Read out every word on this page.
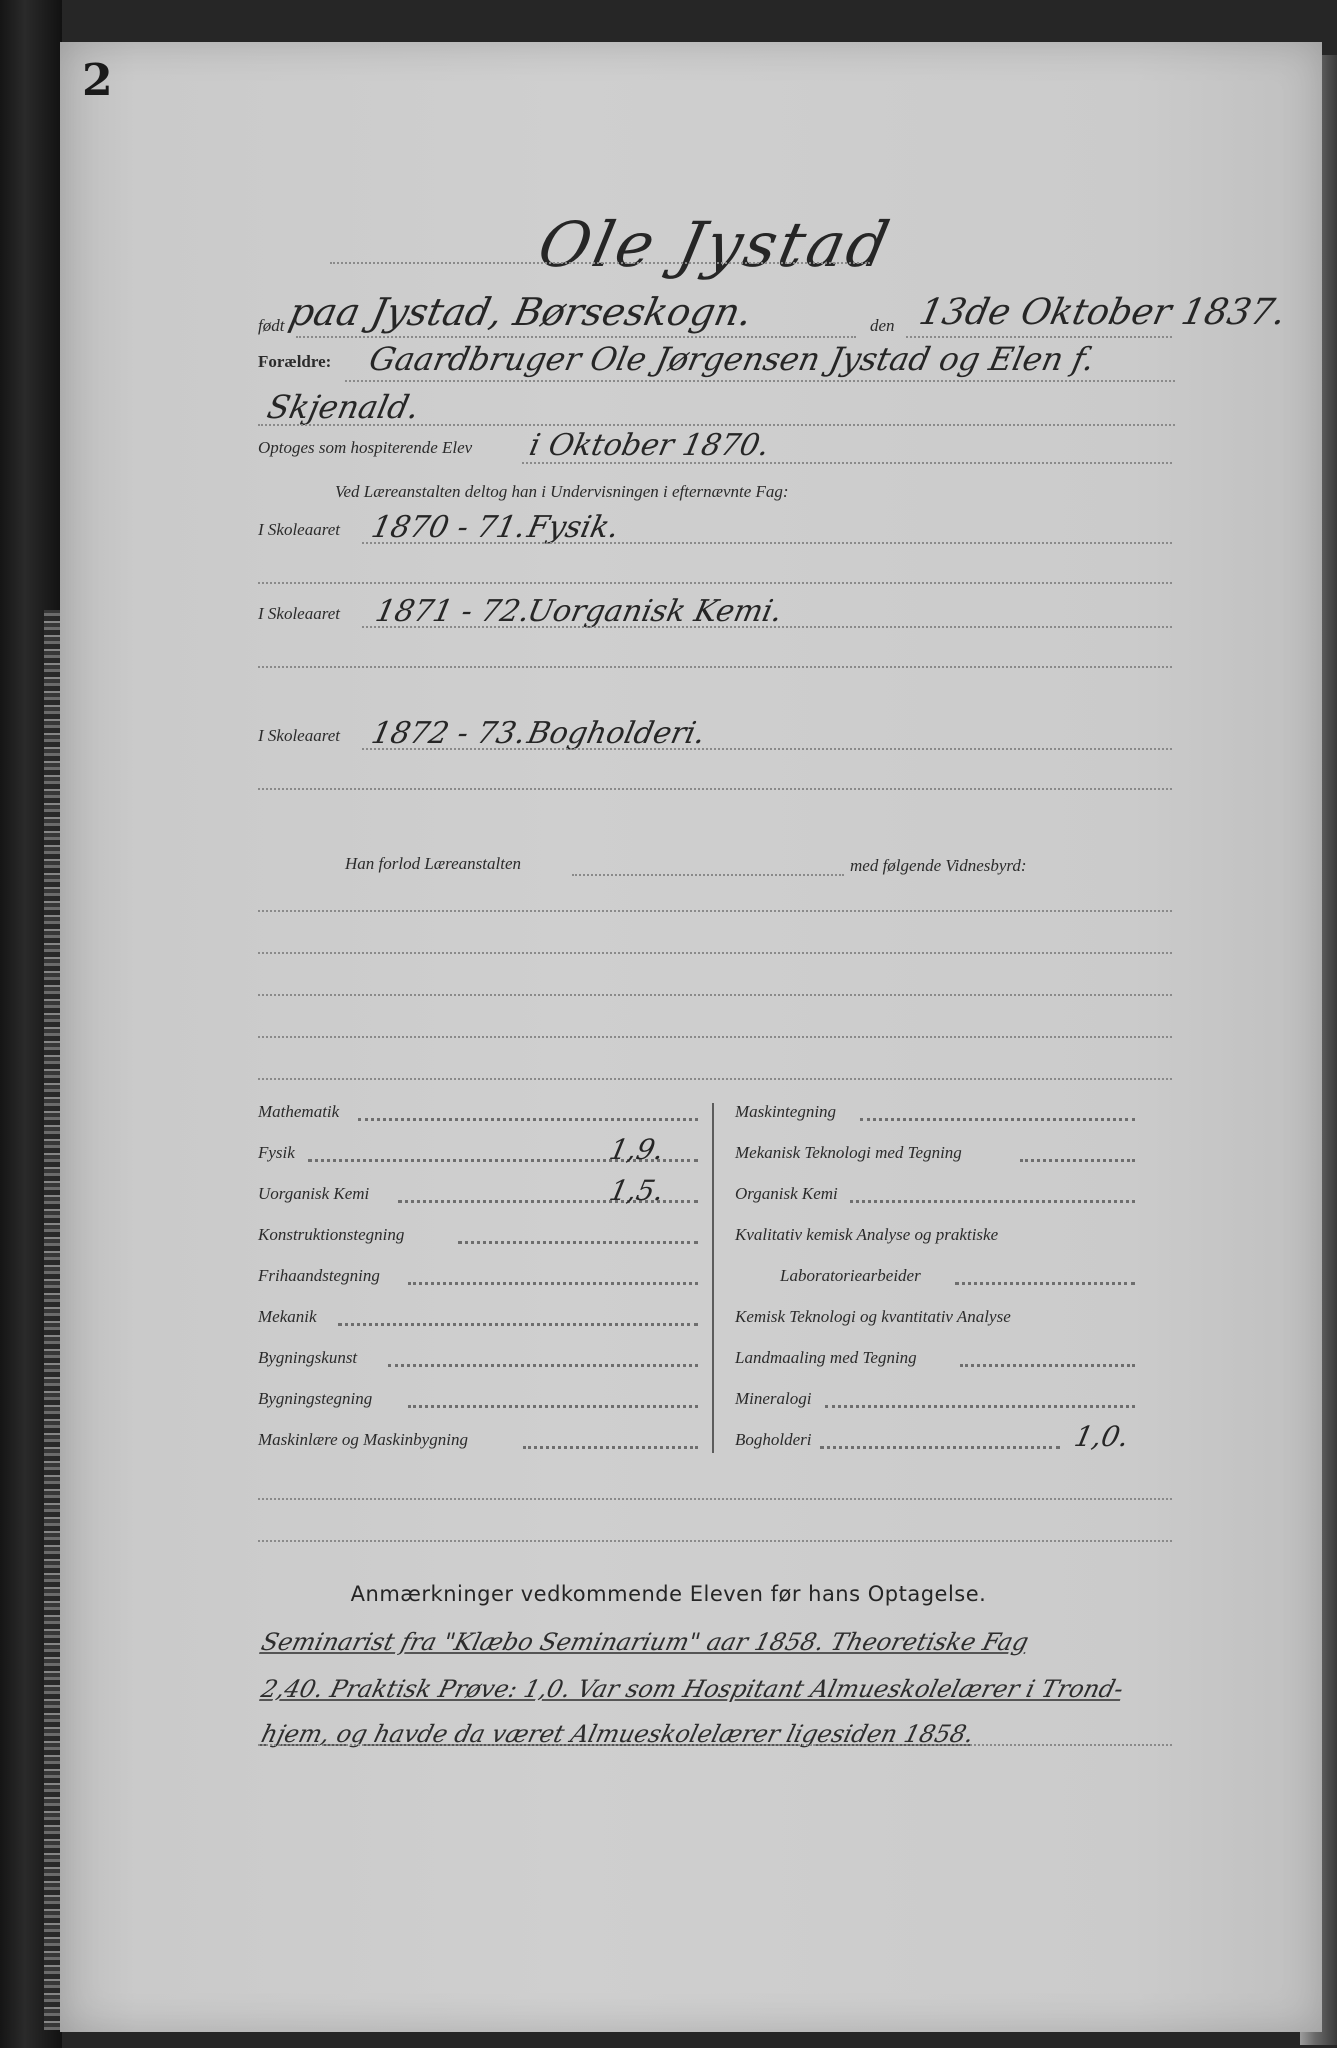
2
Ole Jystad
født paa Jystad, Børseskogn.	den 13de Oktober 1837.
Forældre: Gaardbruger Ole Jørgensen Jystad og Elen f.
Skjenald.
Optoges som hospiterende Elev i Oktober 1870.
Ved Læreanstalten deltog han i Undervisningen i efternævnte Fag:
I Skoleaaret 1870 - 71.
Fysik.
I Skoleaaret 1871 - 72.
Uorganisk Kemi.
I Skoleaaret 1872 - 73.
Bogholderi.
Han forlod Læreanstalten	med følgende Vidnesbyrd:
Mathematik
Fysik	1,9.
Uorganisk Kemi	1,5.
Konstruktionstegning
Frihaandstegning
Mekanik
Bygningskunst
Bygningstegning
Maskinlære og Maskinbygning
Maskintegning
Mekanisk Teknologi med Tegning
Organisk Kemi
Kvalitativ kemisk Analyse og praktiske
Laboratoriearbeider
Kemisk Teknologi og kvantitativ Analyse
Landmaaling med Tegning
Mineralogi
Bogholderi	1,0.
Anmærkninger vedkommende Eleven før hans Optagelse.
Seminarist fra "Klæbo Seminarium" aar 1858. Theoretiske Fag
2,40. Praktisk Prøve: 1,0. Var som Hospitant Almueskolelærer i Trond-
hjem, og havde da været Almueskolelærer ligesiden 1858.
